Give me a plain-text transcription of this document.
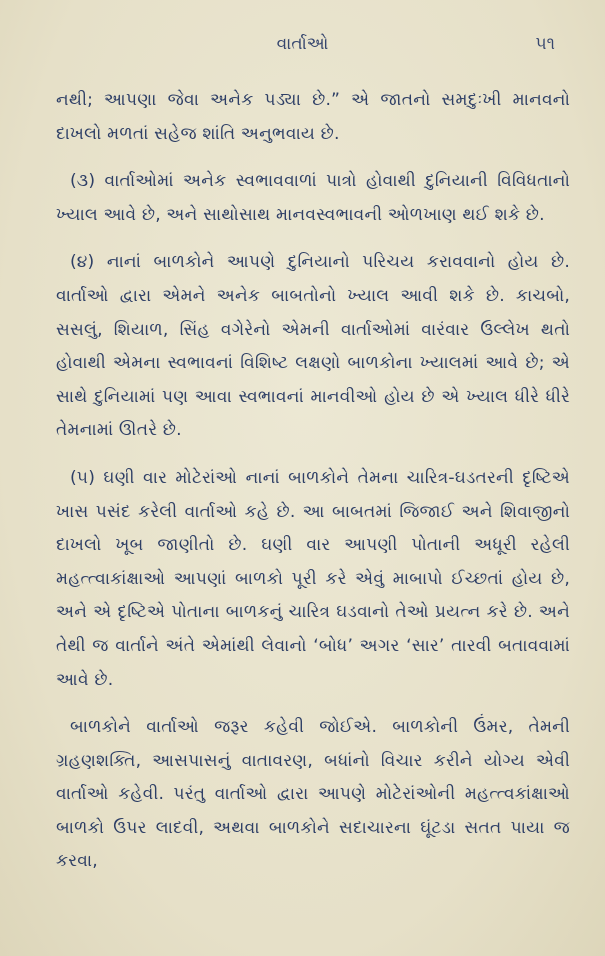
વાર્તાઓ	૫૧

નથી; આપણા જેવા અનેક પડ્યા છે.” એ જાતનો સમદુઃખી માનવનો દાખલો મળતાં સહેજ શાંતિ અનુભવાય છે.

(૩) વાર્તાઓમાં અનેક સ્વભાવવાળાં પાત્રો હોવાથી દુનિયાની વિવિધતાનો ખ્યાલ આવે છે, અને સાથોસાથ માનવસ્વભાવની ઓળખાણ થઈ શકે છે.

(૪) નાનાં બાળકોને આપણે દુનિયાનો પરિચય કરાવવાનો હોય છે. વાર્તાઓ દ્વારા એમને અનેક બાબતોનો ખ્યાલ આવી શકે છે. કાચબો, સસલું, શિયાળ, સિંહ વગેરેનો એમની વાર્તાઓમાં વારંવાર ઉલ્લેખ થતો હોવાથી એમના સ્વભાવનાં વિશિષ્ટ લક્ષણો બાળકોના ખ્યાલમાં આવે છે; એ સાથે દુનિયામાં પણ આવા સ્વભાવનાં માનવીઓ હોય છે એ ખ્યાલ ધીરે ધીરે તેમનામાં ઊતરે છે.

(૫) ઘણી વાર મોટેરાંઓ નાનાં બાળકોને તેમના ચારિત્ર-ઘડતરની દૃષ્ટિએ ખાસ પસંદ કરેલી વાર્તાઓ કહે છે. આ બાબતમાં જિજાઈ અને શિવાજીનો દાખલો ખૂબ જાણીતો છે. ઘણી વાર આપણી પોતાની અધૂરી રહેલી મહત્ત્વાકાંક્ષાઓ આપણાં બાળકો પૂરી કરે એવું માબાપો ઈચ્છતાં હોય છે, અને એ દૃષ્ટિએ પોતાના બાળકનું ચારિત્ર ઘડવાનો તેઓ પ્રયત્ન કરે છે. અને તેથી જ વાર્તાને અંતે એમાંથી લેવાનો ‘બોધ’ અગર ‘સાર’ તારવી બતાવવામાં આવે છે.

બાળકોને વાર્તાઓ જરૂર કહેવી જોઈએ. બાળકોની ઉંમર, તેમની ગ્રહણશક્તિ, આસપાસનું વાતાવરણ, બધાંનો વિચાર કરીને યોગ્ય એવી વાર્તાઓ કહેવી. પરંતુ વાર્તાઓ દ્વારા આપણે મોટેરાંઓની મહત્ત્વકાંક્ષાઓ બાળકો ઉપર લાદવી, અથવા બાળકોને સદાચારના ઘૂંટડા સતત પાયા જ કરવા,
